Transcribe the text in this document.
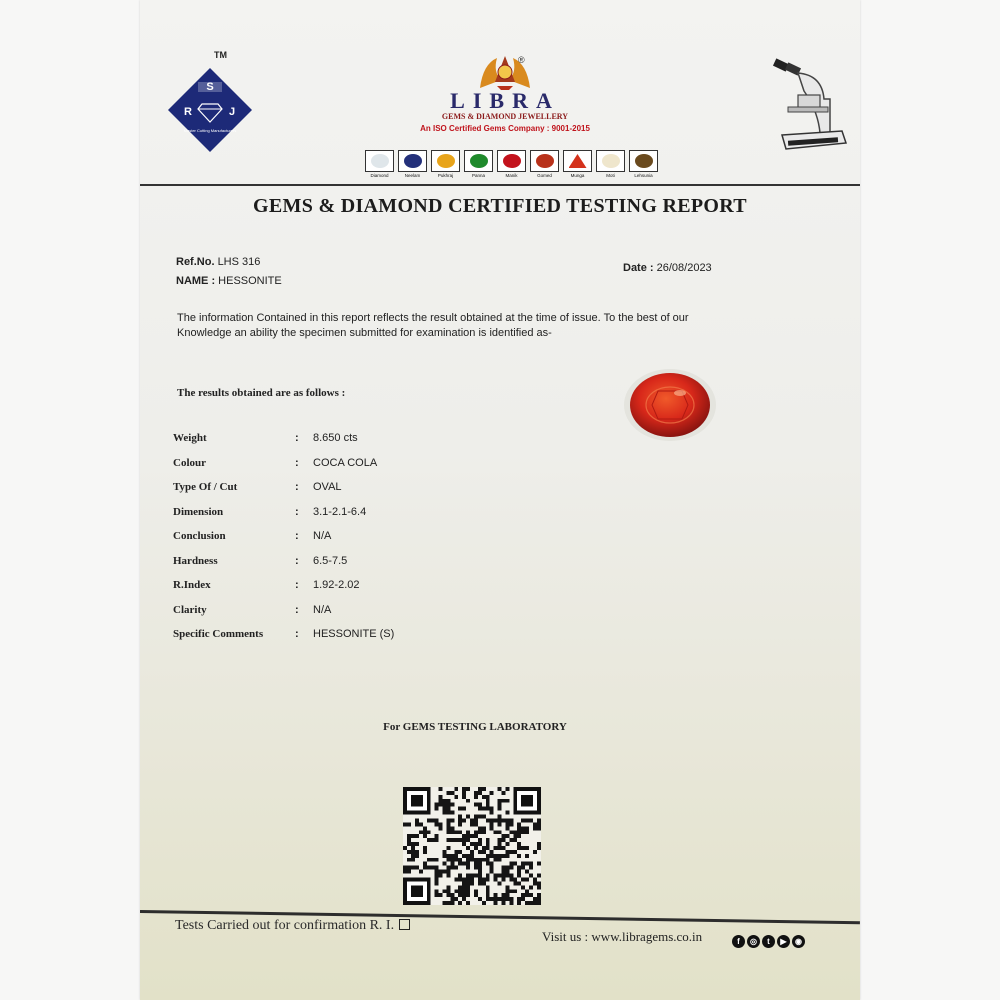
TM
S
R	J
Master Cutting Manufacturers
LIBRA
GEMS & DIAMOND JEWELLERY
An ISO Certified Gems Company : 9001-2015
®
Diamond	Neelam	Pukhraj	Panna	Manik	Gomed	Munga	Moti	Lehsunia
GEMS & DIAMOND CERTIFIED TESTING REPORT
Ref.No. LHS 316
NAME : HESSONITE
Date : 26/08/2023
The information Contained in this report reflects the result obtained at the time of issue. To the best of our
Knowledge an ability the specimen submitted for examination is identified as-
The results obtained are as follows :
Weight	: 8.650 cts
Colour	: COCA COLA
Type Of / Cut	: OVAL
Dimension	: 3.1-2.1-6.4
Conclusion	: N/A
Hardness	: 6.5-7.5
R.Index	: 1.92-2.02
Clarity	: N/A
Specific Comments	: HESSONITE (S)
For GEMS TESTING LABORATORY
Tests Carried out for confirmation R. I.
Visit us : www.libragems.co.in	f	◎	t	▶	◉
